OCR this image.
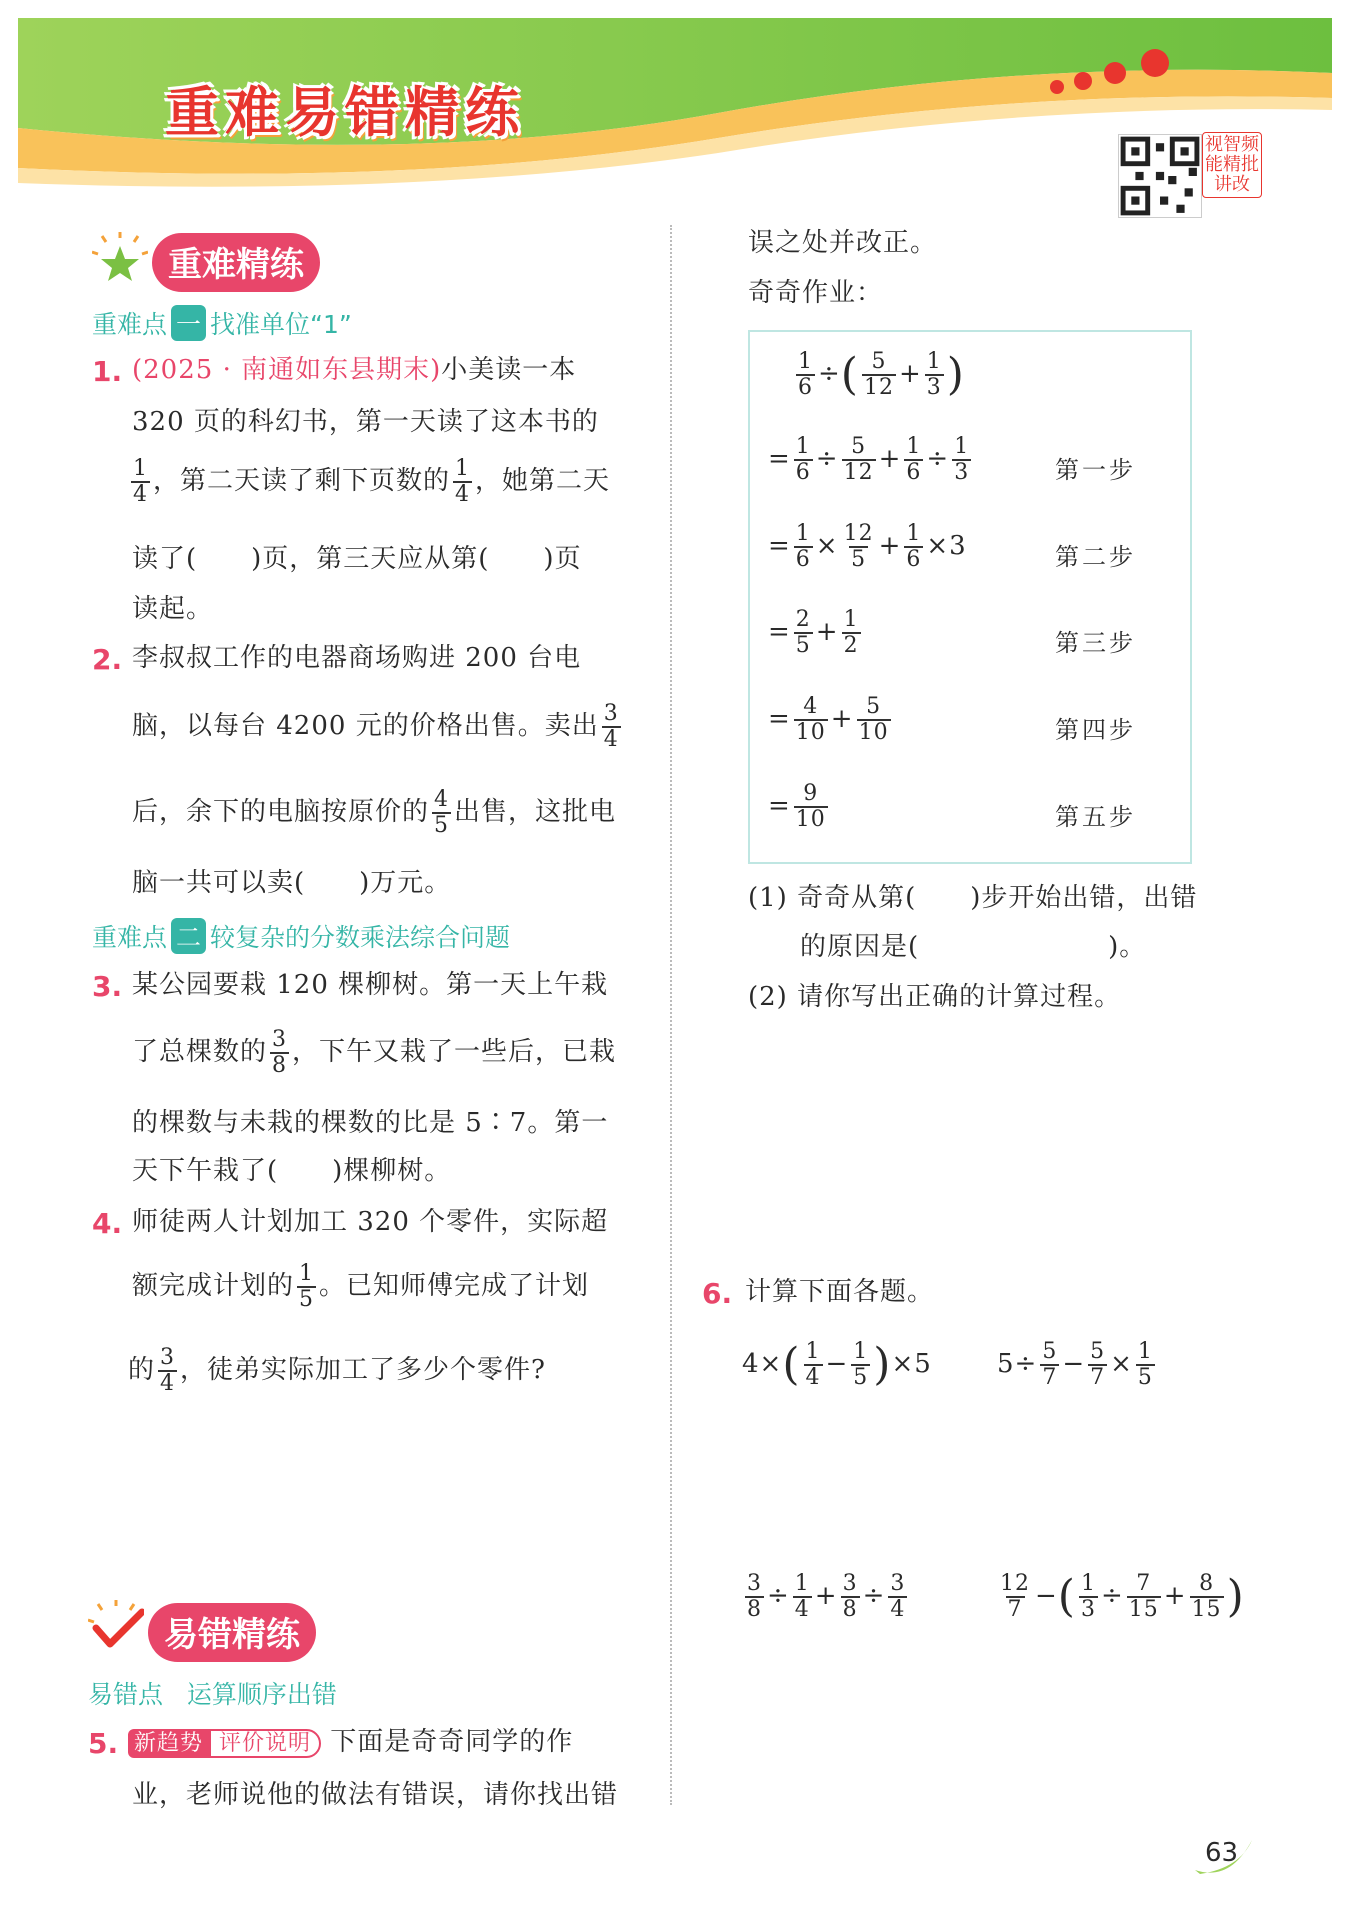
重难易错精练
视智频能精批讲改
重难精练
重难点 一 找准单位“1”
1. (2025 · 南通如东县期末)小美读一本
320 页的科幻书，第一天读了这本书的
$\frac{1}{4}$ ，第二天读了剩下页数的 $\frac{1}{4}$ ，她第二天
读了(　　)页，第三天应从第(　　)页
读起。
2. 李叔叔工作的电器商场购进 200 台电
脑，以每台 4200 元的价格出售。卖出 $\frac{3}{4}$
后，余下的电脑按原价的 $\frac{4}{5}$ 出售，这批电
脑一共可以卖(　　)万元。
重难点 二 较复杂的分数乘法综合问题
3. 某公园要栽 120 棵柳树。第一天上午栽
了总棵数的 $\frac{3}{8}$ ，下午又栽了一些后，已栽
的棵数与未栽的棵数的比是 5∶7。第一
天下午栽了(　　)棵柳树。
4. 师徒两人计划加工 320 个零件，实际超
额完成计划的 $\frac{1}{5}$ 。已知师傅完成了计划
的 $\frac{3}{4}$ ，徒弟实际加工了多少个零件?
易错精练
易错点 运算顺序出错
5. 新趋势 评价说明 下面是奇奇同学的作
业，老师说他的做法有错误，请你找出错
误之处并改正。
奇奇作业：
$\frac{1}{6}$ ÷( $\frac{5}{12} + \frac{1}{3}$ )
= $\frac{1}{6} \div \frac{5}{12} + \frac{1}{6} \div \frac{1}{3}$	第一步
= $\frac{1}{6} \times \frac{12}{5} + \frac{1}{6} \times 3$	第二步
= $\frac{2}{5} + \frac{1}{2}$	第三步
= $\frac{4}{10} + \frac{5}{10}$	第四步
= $\frac{9}{10}$	第五步
(1) 奇奇从第(　　)步开始出错，出错
的原因是(　　　　　　　)。
(2) 请你写出正确的计算过程。
6. 计算下面各题。
$4\times( \frac{1}{4} - \frac{1}{5} )\times 5$	$5\div \frac{5}{7} - \frac{5}{7} \times \frac{1}{5}$
$\frac{3}{8} \div \frac{1}{4} + \frac{3}{8} \div \frac{3}{4}$	$\frac{12}{7}$ −( $\frac{1}{3} \div \frac{7}{15} + \frac{8}{15}$ )
63
